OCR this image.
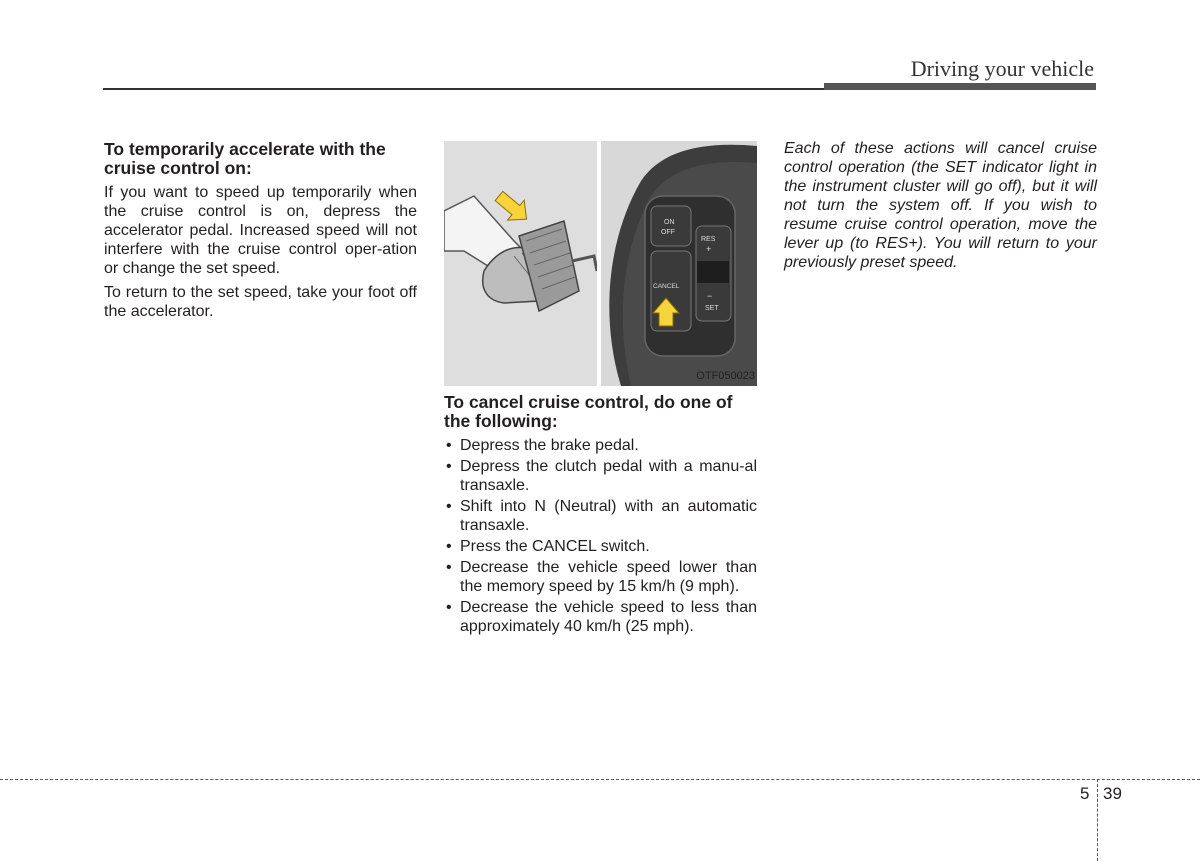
Driving your vehicle
To temporarily accelerate with the cruise control on:

If you want to speed up temporarily when the cruise control is on, depress the accelerator pedal. Increased speed will not interfere with the cruise control oper-ation or change the set speed.

To return to the set speed, take your foot off the accelerator.

ON
OFF
RES
+
CANCEL
−
SET
OTF050023
To cancel cruise control, do one of the following:
• Depress the brake pedal.
• Depress the clutch pedal with a manu-al transaxle.
• Shift into N (Neutral) with an automatic transaxle.
• Press the CANCEL switch.
• Decrease the vehicle speed lower than the memory speed by 15 km/h (9 mph).
• Decrease the vehicle speed to less than approximately 40 km/h (25 mph).

Each of these actions will cancel cruise control operation (the SET indicator light in the instrument cluster will go off), but it will not turn the system off. If you wish to resume cruise control operation, move the lever up (to RES+). You will return to your previously preset speed.

5 39
